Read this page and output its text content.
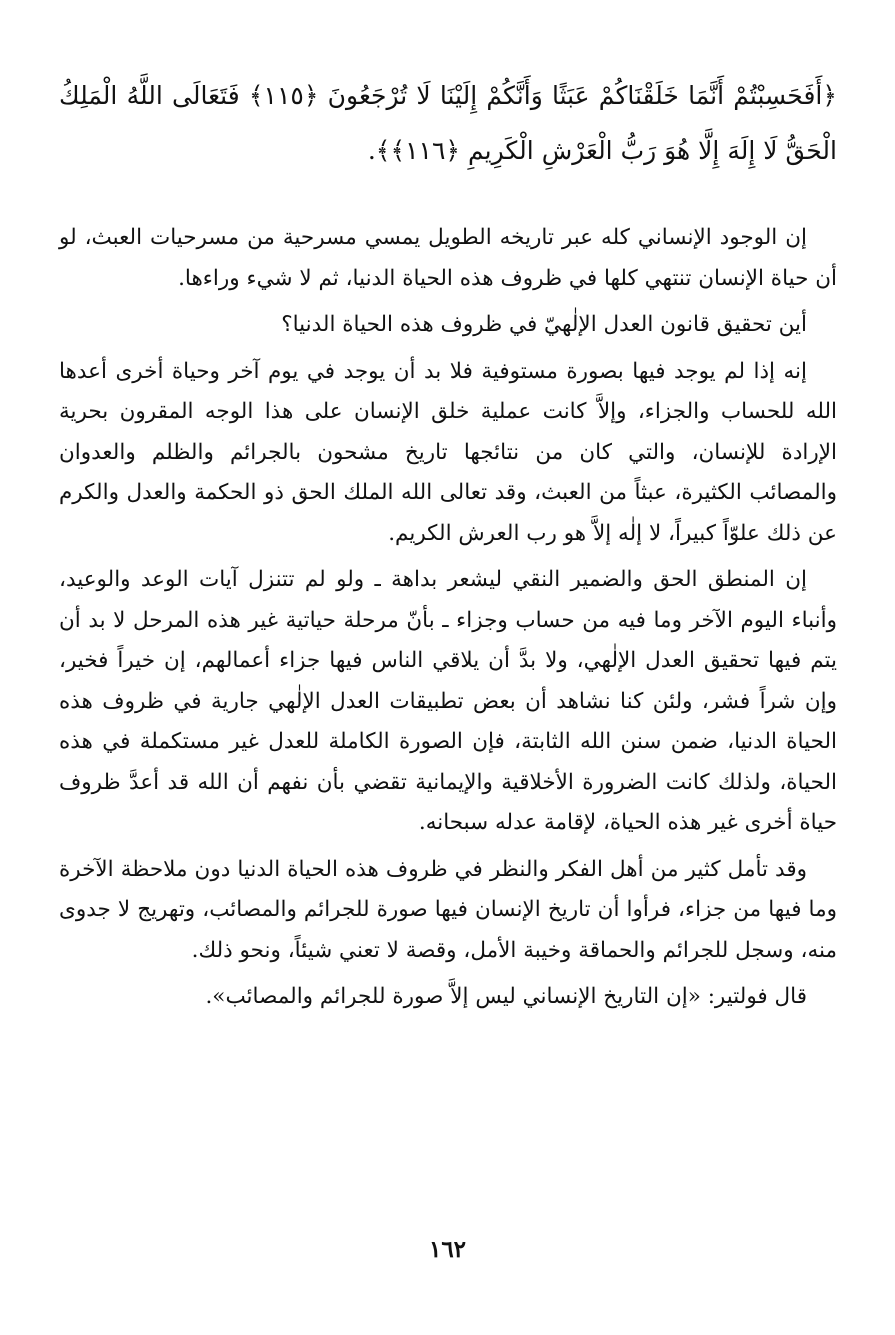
﴿أَفَحَسِبْتُمْ أَنَّمَا خَلَقْنَاكُمْ عَبَثًا وَأَنَّكُمْ إِلَيْنَا لَا تُرْجَعُونَ ﴿١١٥﴾ فَتَعَالَى اللَّهُ الْمَلِكُ الْحَقُّ لَا إِلَهَ إِلَّا هُوَ رَبُّ الْعَرْشِ الْكَرِيمِ ﴿١١٦﴾﴾.

إن الوجود الإنساني كله عبر تاريخه الطويل يمسي مسرحية من مسرحيات العبث، لو أن حياة الإنسان تنتهي كلها في ظروف هذه الحياة الدنيا، ثم لا شيء وراءها.

أين تحقيق قانون العدل الإلٰهيّ في ظروف هذه الحياة الدنيا؟

إنه إذا لم يوجد فيها بصورة مستوفية فلا بد أن يوجد في يوم آخر وحياة أخرى أعدها الله للحساب والجزاء، وإلاَّ كانت عملية خلق الإنسان على هذا الوجه المقرون بحرية الإرادة للإنسان، والتي كان من نتائجها تاريخ مشحون بالجرائم والظلم والعدوان والمصائب الكثيرة، عبثاً من العبث، وقد تعالى الله الملك الحق ذو الحكمة والعدل والكرم عن ذلك علوّاً كبيراً، لا إلٰه إلاَّ هو رب العرش الكريم.

إن المنطق الحق والضمير النقي ليشعر بداهة ـ ولو لم تتنزل آيات الوعد والوعيد، وأنباء اليوم الآخر وما فيه من حساب وجزاء ـ بأنّ مرحلة حياتية غير هذه المرحل لا بد أن يتم فيها تحقيق العدل الإلٰهي، ولا بدَّ أن يلاقي الناس فيها جزاء أعمالهم، إن خيراً فخير، وإن شراً فشر، ولئن كنا نشاهد أن بعض تطبيقات العدل الإلٰهي جارية في ظروف هذه الحياة الدنيا، ضمن سنن الله الثابتة، فإن الصورة الكاملة للعدل غير مستكملة في هذه الحياة، ولذلك كانت الضرورة الأخلاقية والإيمانية تقضي بأن نفهم أن الله قد أعدَّ ظروف حياة أخرى غير هذه الحياة، لإقامة عدله سبحانه.

وقد تأمل كثير من أهل الفكر والنظر في ظروف هذه الحياة الدنيا دون ملاحظة الآخرة وما فيها من جزاء، فرأوا أن تاريخ الإنسان فيها صورة للجرائم والمصائب، وتهريج لا جدوى منه، وسجل للجرائم والحماقة وخيبة الأمل، وقصة لا تعني شيئاً، ونحو ذلك.

قال فولتير: «إن التاريخ الإنساني ليس إلاَّ صورة للجرائم والمصائب».

١٦٢
